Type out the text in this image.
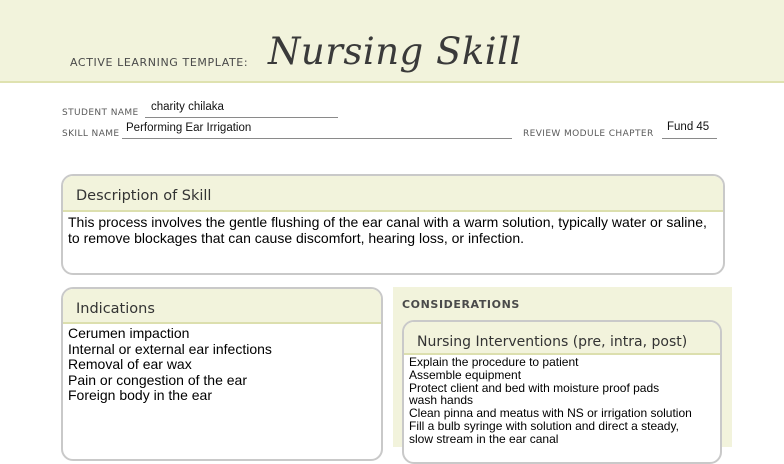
ACTIVE LEARNING TEMPLATE: Nursing Skill
STUDENT NAME charity chilaka
SKILL NAME Performing Ear Irrigation	REVIEW MODULE CHAPTER
Fund 45
Description of Skill
This process involves the gentle flushing of the ear canal with a warm solution, typically water or saline, to remove blockages that can cause discomfort, hearing loss, or infection.
Indications
Cerumen impaction
Internal or external ear infections
Removal of ear wax
Pain or congestion of the ear
Foreign body in the ear
CONSIDERATIONS
Nursing Interventions (pre, intra, post)
Explain the procedure to patient
Assemble equipment
Protect client and bed with moisture proof pads
wash hands
Clean pinna and meatus with NS or irrigation solution
Fill a bulb syringe with solution and direct a steady,
slow stream in the ear canal
